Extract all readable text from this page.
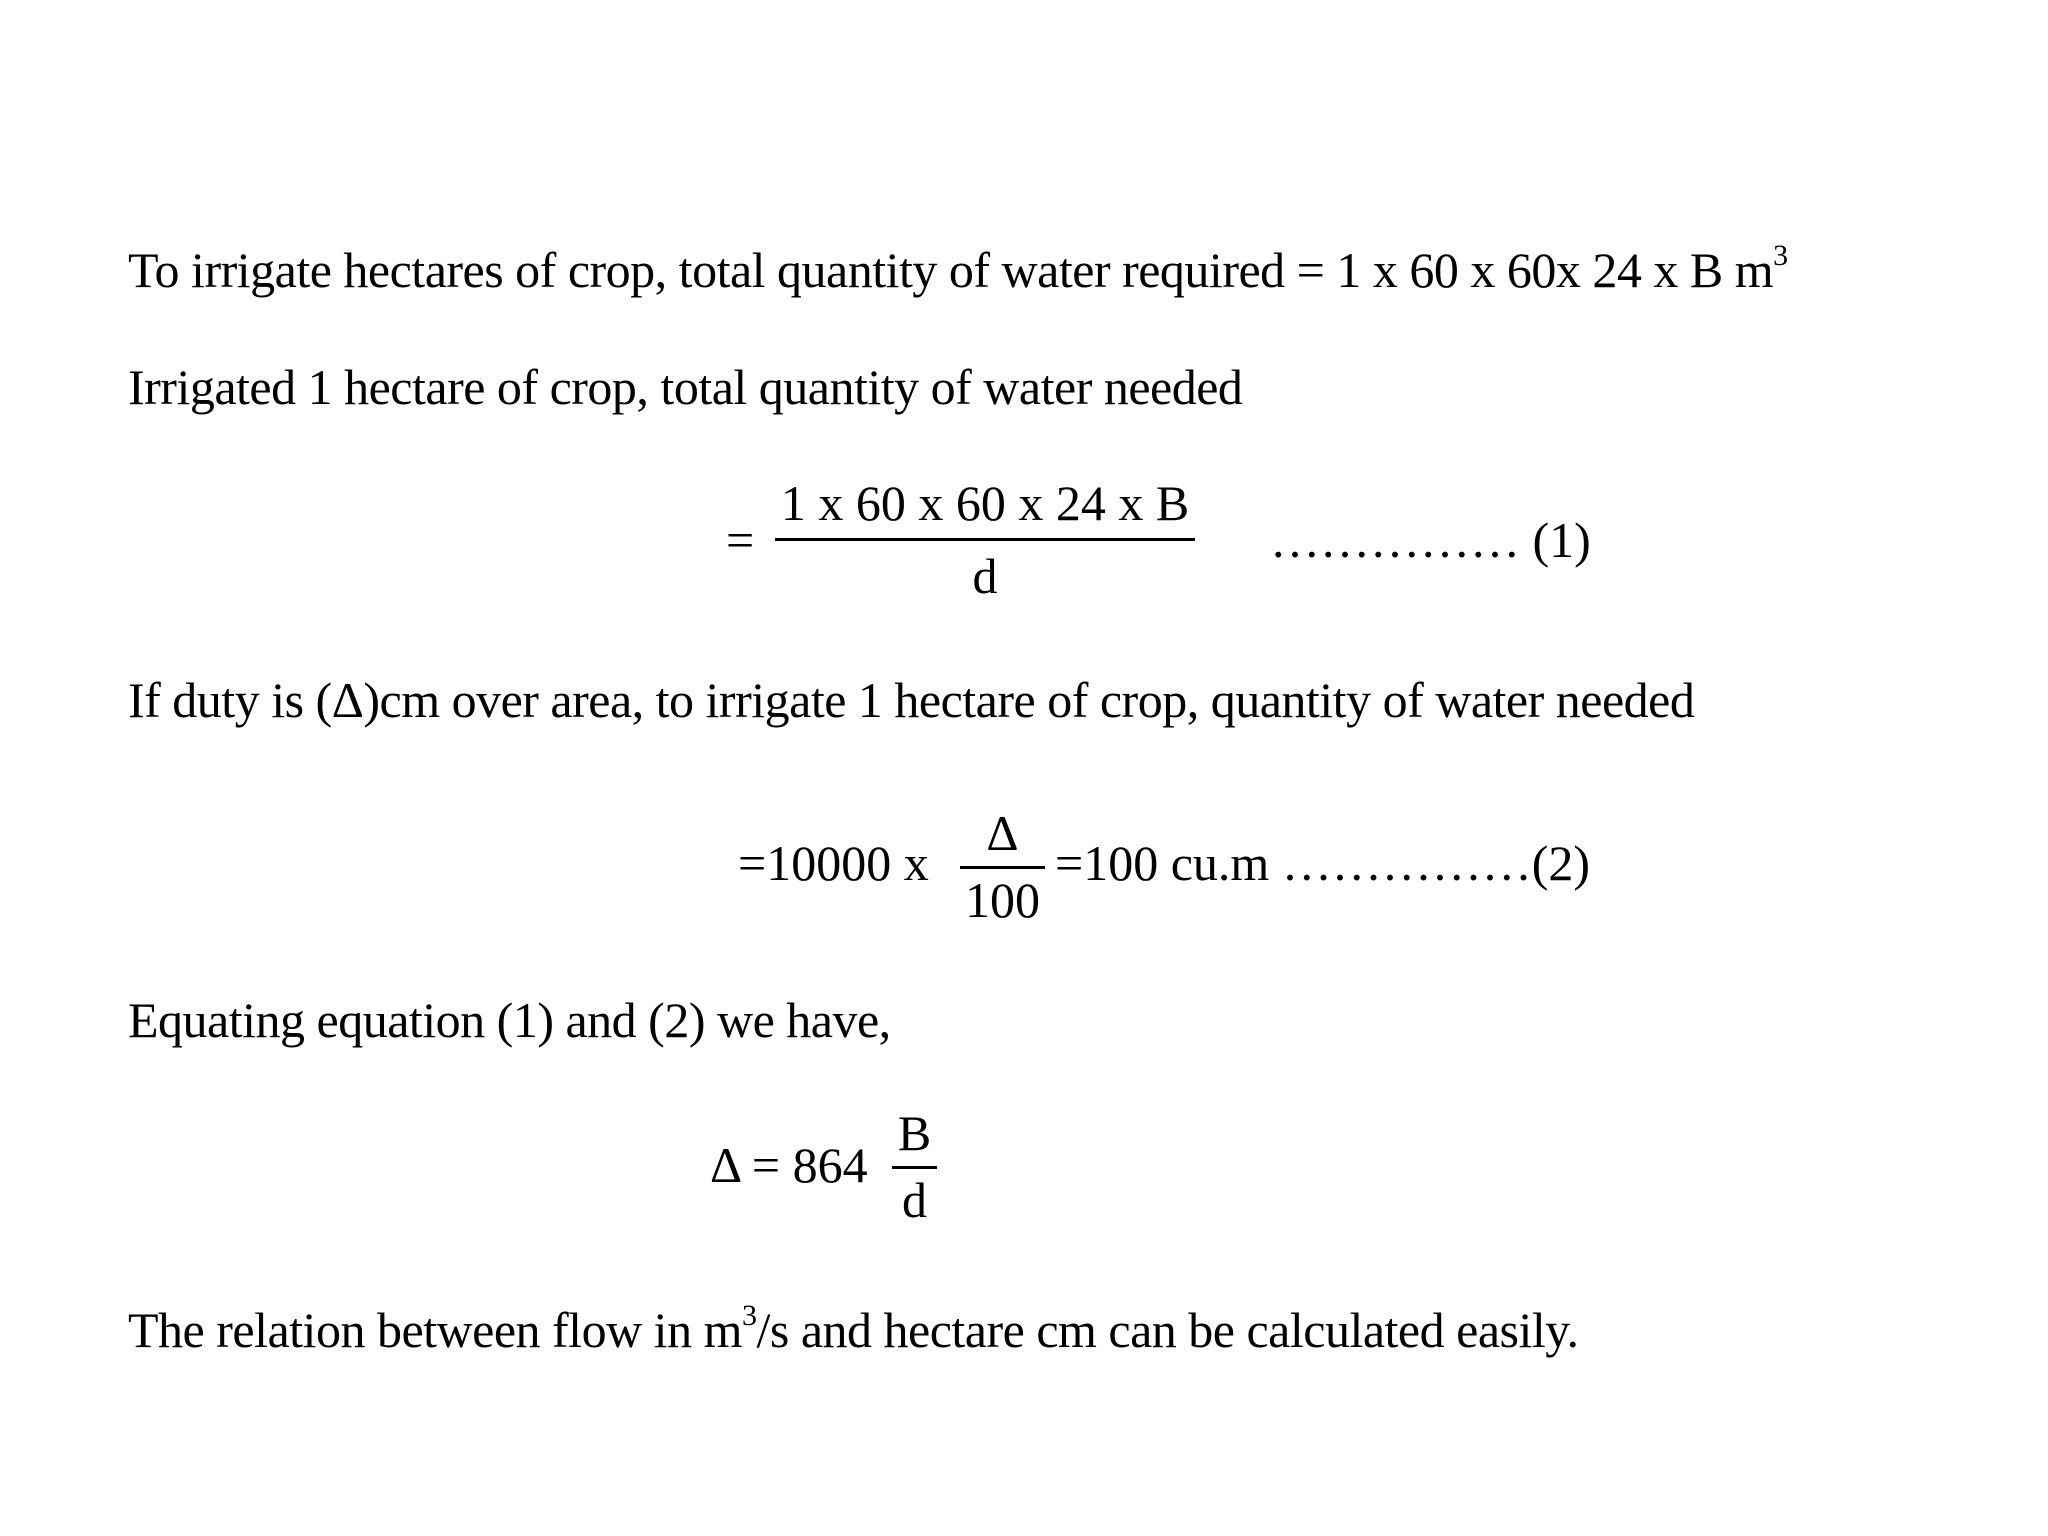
To irrigate hectares of crop, total quantity of water required = 1 x 60 x 60x 24 x B $m^3$
Irrigated 1 hectare of crop, total quantity of water needed
=
1 x 60 x 60 x 24 x B
d
…………… (1)
If duty is (Δ)cm over area, to irrigate 1 hectare of crop, quantity of water needed
=10000 x
Δ
100
=100 cu.m ……………(2)
Equating equation (1) and (2) we have,
Δ = 864
B
d
The relation between flow in $m^3/s$ and hectare cm can be calculated easily.
